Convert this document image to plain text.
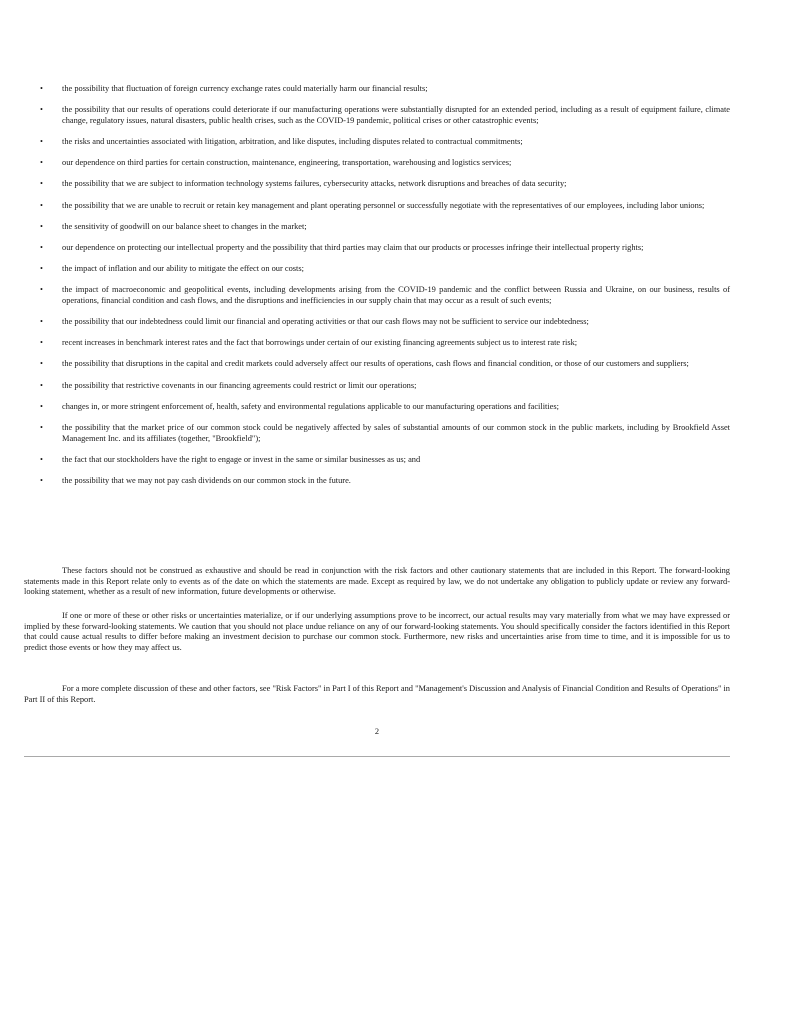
• the possibility that fluctuation of foreign currency exchange rates could materially harm our financial results;
• the possibility that our results of operations could deteriorate if our manufacturing operations were substantially disrupted for an extended period, including as a result of equipment failure, climate change, regulatory issues, natural disasters, public health crises, such as the COVID-19 pandemic, political crises or other catastrophic events;
• the risks and uncertainties associated with litigation, arbitration, and like disputes, including disputes related to contractual commitments;
• our dependence on third parties for certain construction, maintenance, engineering, transportation, warehousing and logistics services;
• the possibility that we are subject to information technology systems failures, cybersecurity attacks, network disruptions and breaches of data security;
• the possibility that we are unable to recruit or retain key management and plant operating personnel or successfully negotiate with the representatives of our employees, including labor unions;
• the sensitivity of goodwill on our balance sheet to changes in the market;
• our dependence on protecting our intellectual property and the possibility that third parties may claim that our products or processes infringe their intellectual property rights;
• the impact of inflation and our ability to mitigate the effect on our costs;
• the impact of macroeconomic and geopolitical events, including developments arising from the COVID-19 pandemic and the conflict between Russia and Ukraine, on our business, results of operations, financial condition and cash flows, and the disruptions and inefficiencies in our supply chain that may occur as a result of such events;
• the possibility that our indebtedness could limit our financial and operating activities or that our cash flows may not be sufficient to service our indebtedness;
• recent increases in benchmark interest rates and the fact that borrowings under certain of our existing financing agreements subject us to interest rate risk;
• the possibility that disruptions in the capital and credit markets could adversely affect our results of operations, cash flows and financial condition, or those of our customers and suppliers;
• the possibility that restrictive covenants in our financing agreements could restrict or limit our operations;
• changes in, or more stringent enforcement of, health, safety and environmental regulations applicable to our manufacturing operations and facilities;
• the possibility that the market price of our common stock could be negatively affected by sales of substantial amounts of our common stock in the public markets, including by Brookfield Asset Management Inc. and its affiliates (together, "Brookfield");
• the fact that our stockholders have the right to engage or invest in the same or similar businesses as us; and
• the possibility that we may not pay cash dividends on our common stock in the future.

These factors should not be construed as exhaustive and should be read in conjunction with the risk factors and other cautionary statements that are included in this Report. The forward-looking statements made in this Report relate only to events as of the date on which the statements are made. Except as required by law, we do not undertake any obligation to publicly update or review any forward-looking statement, whether as a result of new information, future developments or otherwise.

If one or more of these or other risks or uncertainties materialize, or if our underlying assumptions prove to be incorrect, our actual results may vary materially from what we may have expressed or implied by these forward-looking statements. We caution that you should not place undue reliance on any of our forward-looking statements. You should specifically consider the factors identified in this Report that could cause actual results to differ before making an investment decision to purchase our common stock. Furthermore, new risks and uncertainties arise from time to time, and it is impossible for us to predict those events or how they may affect us.

For a more complete discussion of these and other factors, see "Risk Factors" in Part I of this Report and "Management's Discussion and Analysis of Financial Condition and Results of Operations" in Part II of this Report.

2
